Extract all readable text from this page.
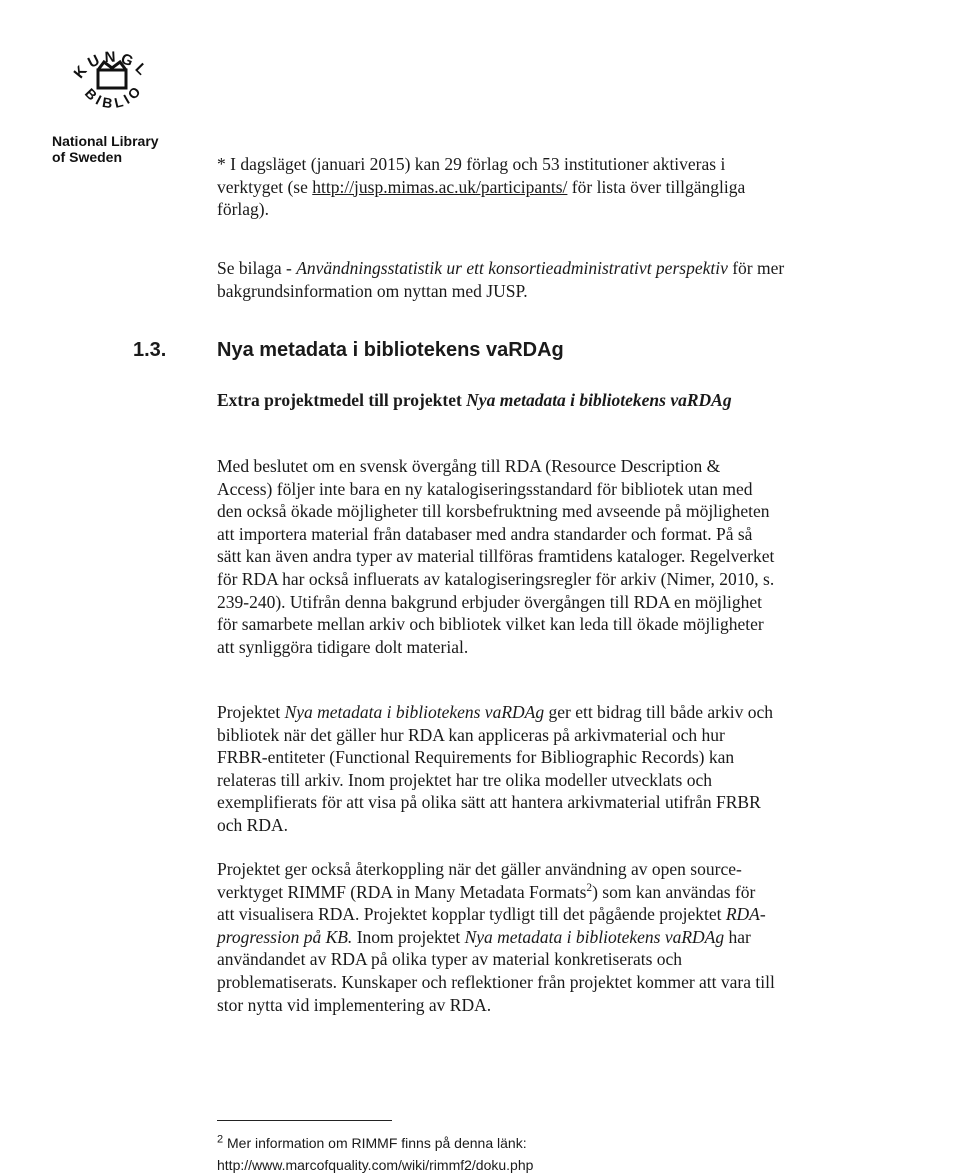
K U N G L
B I B L I O
National Library
of Sweden	* I dagsläget (januari 2015) kan 29 förlag och 53 institutioner aktiveras i verktyget (se http://jusp.mimas.ac.uk/participants/ för lista över tillgängliga förlag).
Se bilaga - Användningsstatistik ur ett konsortieadministrativt perspektiv för mer bakgrundsinformation om nyttan med JUSP.
1.3.	Nya metadata i bibliotekens vaRDAg
Extra projektmedel till projektet Nya metadata i bibliotekens vaRDAg
Med beslutet om en svensk övergång till RDA (Resource Description & Access) följer inte bara en ny katalogiseringsstandard för bibliotek utan med den också ökade möjligheter till korsbefruktning med avseende på möjligheten att importera material från databaser med andra standarder och format. På så sätt kan även andra typer av material tillföras framtidens kataloger. Regelverket för RDA har också influerats av katalogiseringsregler för arkiv (Nimer, 2010, s. 239-240). Utifrån denna bakgrund erbjuder övergången till RDA en möjlighet för samarbete mellan arkiv och bibliotek vilket kan leda till ökade möjligheter att synliggöra tidigare dolt material.
Projektet Nya metadata i bibliotekens vaRDAg ger ett bidrag till både arkiv och bibliotek när det gäller hur RDA kan appliceras på arkivmaterial och hur FRBR-entiteter (Functional Requirements for Bibliographic Records) kan relateras till arkiv. Inom projektet har tre olika modeller utvecklats och exemplifierats för att visa på olika sätt att hantera arkivmaterial utifrån FRBR och RDA.
Projektet ger också återkoppling när det gäller användning av open source-verktyget RIMMF (RDA in Many Metadata Formats$^2$) som kan användas för att visualisera RDA. Projektet kopplar tydligt till det pågående projektet RDA-progression på KB. Inom projektet Nya metadata i bibliotekens vaRDAg har användandet av RDA på olika typer av material konkretiserats och problematiserats. Kunskaper och reflektioner från projektet kommer att vara till stor nytta vid implementering av RDA.
$^2$ Mer information om RIMMF finns på denna länk:
http://www.marcofquality.com/wiki/rimmf2/doku.php
